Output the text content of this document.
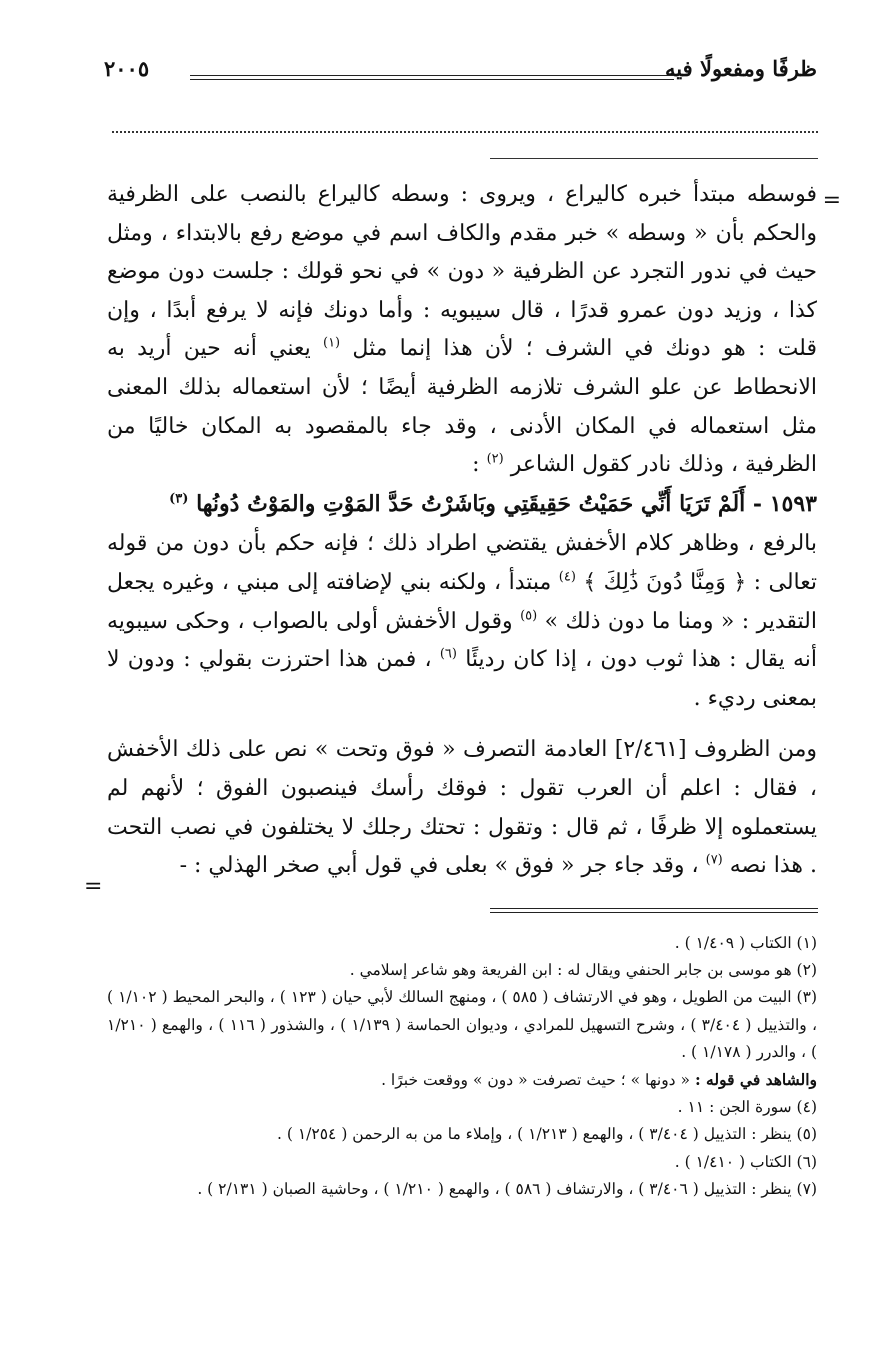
ظرفًا ومفعولًا فيه
٢٠٠٥
=

فوسطه مبتدأ خبره كاليراع ، ويروى : وسطه كاليراع بالنصب على الظرفية والحكم بأن « وسطه » خبر مقدم والكاف اسم في موضع رفع بالابتداء ، ومثل حيث في ندور التجرد عن الظرفية « دون » في نحو قولك : جلست دون موضع كذا ، وزيد دون عمرو قدرًا ، قال سيبويه : وأما دونك فإنه لا يرفع أبدًا ، وإن قلت : هو دونك في الشرف ؛ لأن هذا إنما مثل $^{(١)}$ يعني أنه حين أريد به الانحطاط عن علو الشرف تلازمه الظرفية أيضًا ؛ لأن استعماله بذلك المعنى مثل استعماله في المكان الأدنى ، وقد جاء بالمقصود به المكان خاليًا من الظرفية ، وذلك نادر كقول الشاعر $^{(٢)}$ :

١٥٩٣ - أَلَمْ تَرَيَا أَنِّي حَمَيْتُ حَقِيقَتِي وبَاشَرْتُ حَدَّ المَوْتِ والمَوْتُ دُونُها $^{(٣)}$

بالرفع ، وظاهر كلام الأخفش يقتضي اطراد ذلك ؛ فإنه حكم بأن دون من قوله تعالى : ﴿ وَمِنَّا دُونَ ذَٰلِكَ ﴾ $^{(٤)}$ مبتدأ ، ولكنه بني لإضافته إلى مبني ، وغيره يجعل التقدير : « ومنا ما دون ذلك » $^{(٥)}$ وقول الأخفش أولى بالصواب ، وحكى سيبويه أنه يقال : هذا ثوب دون ، إذا كان رديئًا $^{(٦)}$ ، فمن هذا احترزت بقولي : ودون لا بمعنى رديء .

ومن الظروف [٢/٤٦١] العادمة التصرف « فوق وتحت » نص على ذلك الأخفش ، فقال : اعلم أن العرب تقول : فوقك رأسك فينصبون الفوق ؛ لأنهم لم يستعملوه إلا ظرفًا ، ثم قال : وتقول : تحتك رجلك لا يختلفون في نصب التحت . هذا نصه $^{(٧)}$ ، وقد جاء جر « فوق » بعلى في قول أبي صخر الهذلي : -

=

(١) الكتاب ( ١/٤٠٩ ) .

(٢) هو موسى بن جابر الحنفي ويقال له : ابن الفريعة وهو شاعر إسلامي .

(٣) البيت من الطويل ، وهو في الارتشاف ( ٥٨٥ ) ، ومنهج السالك لأبي حيان ( ١٢٣ ) ، والبحر المحيط ( ١/١٠٢ ) ، والتذييل ( ٣/٤٠٤ ) ، وشرح التسهيل للمرادي ، وديوان الحماسة ( ١/١٣٩ ) ، والشذور ( ١١٦ ) ، والهمع ( ١/٢١٠ ) ، والدرر ( ١/١٧٨ ) .

والشاهد في قوله : « دونها » ؛ حيث تصرفت « دون » ووقعت خبرًا .

(٤) سورة الجن : ١١ .

(٥) ينظر : التذييل ( ٣/٤٠٤ ) ، والهمع ( ١/٢١٣ ) ، وإملاء ما من به الرحمن ( ١/٢٥٤ ) .

(٦) الكتاب ( ١/٤١٠ ) .

(٧) ينظر : التذييل ( ٣/٤٠٦ ) ، والارتشاف ( ٥٨٦ ) ، والهمع ( ١/٢١٠ ) ، وحاشية الصبان ( ٢/١٣١ ) .
